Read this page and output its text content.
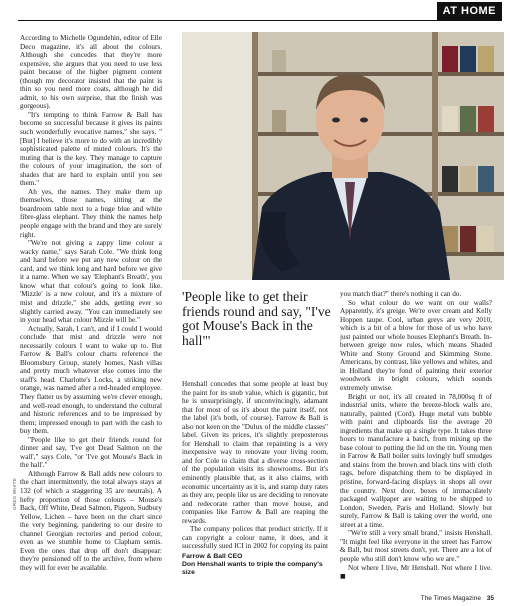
AT HOME

According to Michelle Ogundehin, editor of Elle Deco magazine, it's all about the colours. Although she concedes that they're more expensive, she argues that you need to use less paint because of the higher pigment content (though my decorator insisted that the paint is thin so you need more coats, although he did admit, to his own surprise, that the finish was gorgeous).

"It's tempting to think Farrow & Ball has become so successful because it gives its paints such wonderfully evocative names," she says. "[But] I believe it's more to do with an incredibly sophisticated palette of muted colours. It's the muting that is the key. They manage to capture the colours of your imagination, the sort of shades that are hard to explain until you see them."

Ah yes, the names. They make them up themselves, those names, sitting at the boardroom table next to a huge blue and white fibre-glass elephant. They think the names help people engage with the brand and they are surely right.

"We're not giving a zappy lime colour a wacky name," says Sarah Cole. "We think long and hard before we put any new colour on the card, and we think long and hard before we give it a name. When we say 'Elephant's Breath', you know what that colour's going to look like. 'Mizzle' is a new colour, and it's a mixture of mist and drizzle," she adds, getting ever so slightly carried away. "You can immediately see in your head what colour Mizzle will be."

Actually, Sarah, I can't, and if I could I would conclude that mist and drizzle were not necessarily colours I want to wake up to. But Farrow & Ball's colour charts reference the Bloomsbury Group, stately homes, Nash villas and pretty much whatever else comes into the staff's head. Charlotte's Locks, a striking new orange, was named after a red-headed employee. They flatter us by assuming we're clever enough, and well-read enough, to understand the cultural and historic references and to be impressed by them; impressed enough to part with the cash to buy them.

"People like to get their friends round for dinner and say, 'I've got Dead Salmon on the wall'," says Cole, "or 'I've got Mouse's Back in the hall'."

Although Farrow & Ball adds new colours to the chart intermittently, the total always stays at 132 (of which a staggering 35 are neutrals). A hefty proportion of those colours – Mouse's Back, Off White, Dead Salmon, Pigeon, Sudbury Yellow, Lichen – have been on the chart since the very beginning, pandering to our desire to channel Georgian rectories and period colour, even as we stumble home to Clapham semis. Even the ones that drop off don't disappear: they're pensioned off to the archive, from where they will for ever be available.

'People like to get their friends round and say, "I've got Mouse's Back in the hall"'

Henshall concedes that some people at least buy the paint for its snob value, which is gigantic, but he is unsurprisingly, if unconvincingly, adamant that for most of us it's about the paint itself, not the label (it's both, of course). Farrow & Ball is also not keen on the "Dulux of the middle classes" label. Given its prices, it's slightly preposterous for Henshall to claim that repainting is a very inexpensive way to renovate your living room, and for Cole to claim that a diverse cross-section of the population visits its showrooms. But it's eminently plausible that, as it also claims, with economic uncertainty as it is, and stamp duty rates as they are, people like us are deciding to renovate and redecorate rather than move house, and companies like Farrow & Ball are reaping the rewards.

The company polices that product strictly. If it can copyright a colour name, it does, and it successfully sued ICI in 2002 for copying its paint

Farrow & Ball CEO
Don Henshall wants to triple the company's size

you match that?" there's nothing it can do.

So what colour do we want on our walls? Apparently, it's greige. We're over cream and Kelly Hoppen taupe. Cool, urban greys are very 2010, which is a bit of a blow for those of us who have just painted our whole houses Elephant's Breath. In-between greige now rules, which means Shaded White and Stony Ground and Skimming Stone. Americans, by contrast, like yellows and whites, and in Holland they're fond of painting their exterior woodwork in bright colours, which sounds extremely unwise.

Bright or not, it's all created in 78,000sq ft of industrial units, where the breeze-block walls are, naturally, painted (Cord). Huge metal vats bubble with paint and clipboards list the average 20 ingredients that make up a single type. It takes three hours to manufacture a batch, from mixing up the base colour to putting the lid on the tin. Young men in Farrow & Ball boiler suits lovingly buff smudges and stains from the brown and black tins with cloth rags, before dispatching them to be displayed in pristine, forward-facing displays in shops all over the country. Next door, boxes of immaculately packaged wallpaper are waiting to be shipped to London, Sweden, Paris and Holland. Slowly but surely, Farrow & Ball is taking over the world, one street at a time.

"We're still a very small brand," insists Henshall. "It might feel like everyone in the street has Farrow & Ball, but most streets don't, yet. There are a lot of people who still don't know who we are."

Not where I live, Mr Henshall. Not where I live. ■

GREG WHITE
The Times Magazine 35
